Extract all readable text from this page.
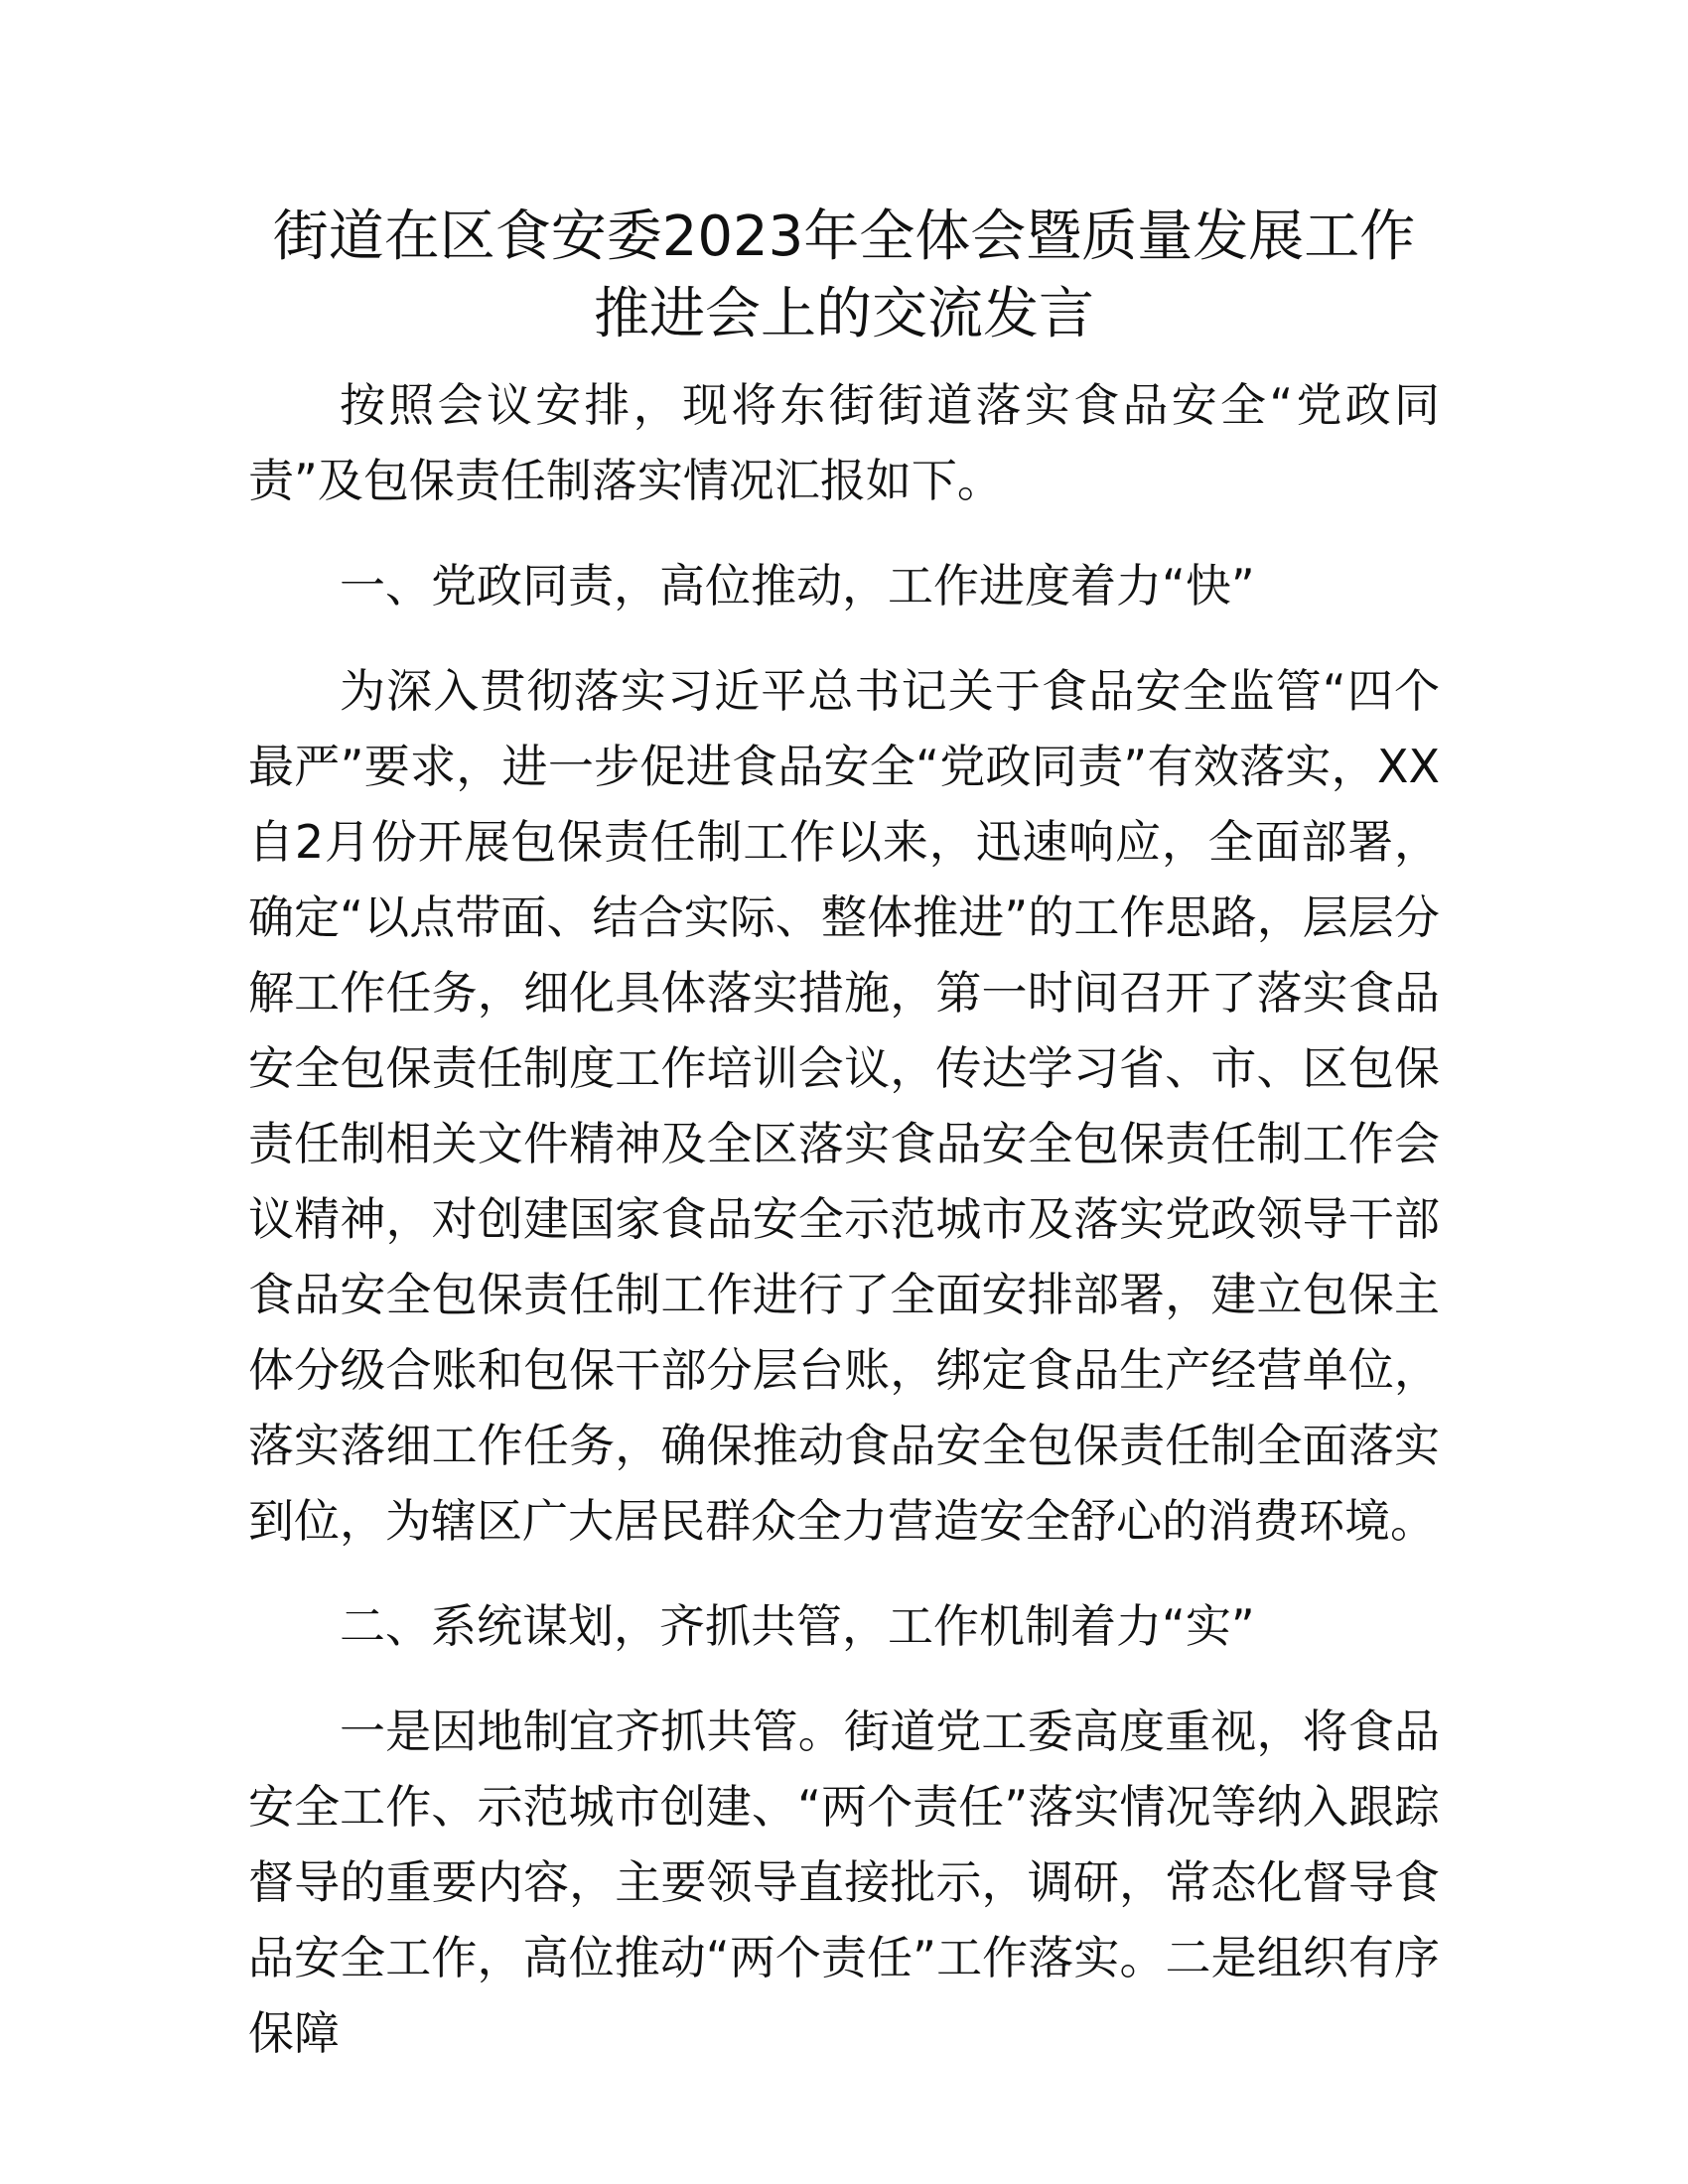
街道在区食安委2023年全体会暨质量发展工作
推进会上的交流发言

按照会议安排，现将东街街道落实食品安全“党政同责”及包保责任制落实情况汇报如下。

一、党政同责，高位推动，工作进度着力“快”

为深入贯彻落实习近平总书记关于食品安全监管“四个最严”要求，进一步促进食品安全“党政同责”有效落实，XX自2月份开展包保责任制工作以来，迅速响应，全面部署，确定“以点带面、结合实际、整体推进”的工作思路，层层分解工作任务，细化具体落实措施，第一时间召开了落实食品安全包保责任制度工作培训会议，传达学习省、市、区包保责任制相关文件精神及全区落实食品安全包保责任制工作会议精神，对创建国家食品安全示范城市及落实党政领导干部食品安全包保责任制工作进行了全面安排部署，建立包保主体分级合账和包保干部分层台账，绑定食品生产经营单位，落实落细工作任务，确保推动食品安全包保责任制全面落实到位，为辖区广大居民群众全力营造安全舒心的消费环境。

二、系统谋划，齐抓共管，工作机制着力“实”

一是因地制宜齐抓共管。街道党工委高度重视，将食品安全工作、示范城市创建、“两个责任”落实情况等纳入跟踪督导的重要内容，主要领导直接批示，调研，常态化督导食品安全工作，高位推动“两个责任”工作落实。二是组织有序保障
